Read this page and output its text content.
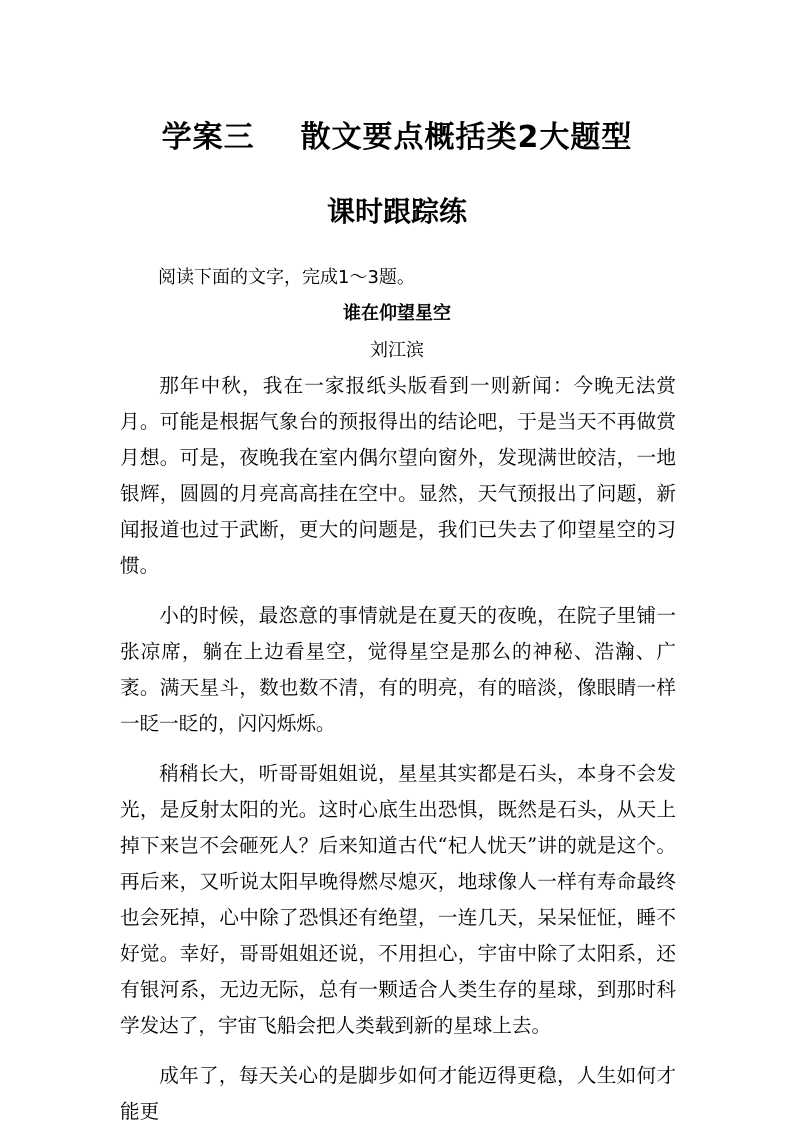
学案三    散文要点概括类2大题型
课时跟踪练
阅读下面的文字，完成1～3题。
谁在仰望星空
刘江滨

那年中秋，我在一家报纸头版看到一则新闻：今晚无法赏月。可能是根据气象台的预报得出的结论吧，于是当天不再做赏月想。可是，夜晚我在室内偶尔望向窗外，发现满世皎洁，一地银辉，圆圆的月亮高高挂在空中。显然，天气预报出了问题，新闻报道也过于武断，更大的问题是，我们已失去了仰望星空的习惯。

小的时候，最恣意的事情就是在夏天的夜晚，在院子里铺一张凉席，躺在上边看星空，觉得星空是那么的神秘、浩瀚、广袤。满天星斗，数也数不清，有的明亮，有的暗淡，像眼睛一样一眨一眨的，闪闪烁烁。

稍稍长大，听哥哥姐姐说，星星其实都是石头，本身不会发光，是反射太阳的光。这时心底生出恐惧，既然是石头，从天上掉下来岂不会砸死人？后来知道古代“杞人忧天”讲的就是这个。再后来，又听说太阳早晚得燃尽熄灭，地球像人一样有寿命最终也会死掉，心中除了恐惧还有绝望，一连几天，呆呆怔怔，睡不好觉。幸好，哥哥姐姐还说，不用担心，宇宙中除了太阳系，还有银河系，无边无际，总有一颗适合人类生存的星球，到那时科学发达了，宇宙飞船会把人类载到新的星球上去。

成年了，每天关心的是脚步如何才能迈得更稳，人生如何才能更
